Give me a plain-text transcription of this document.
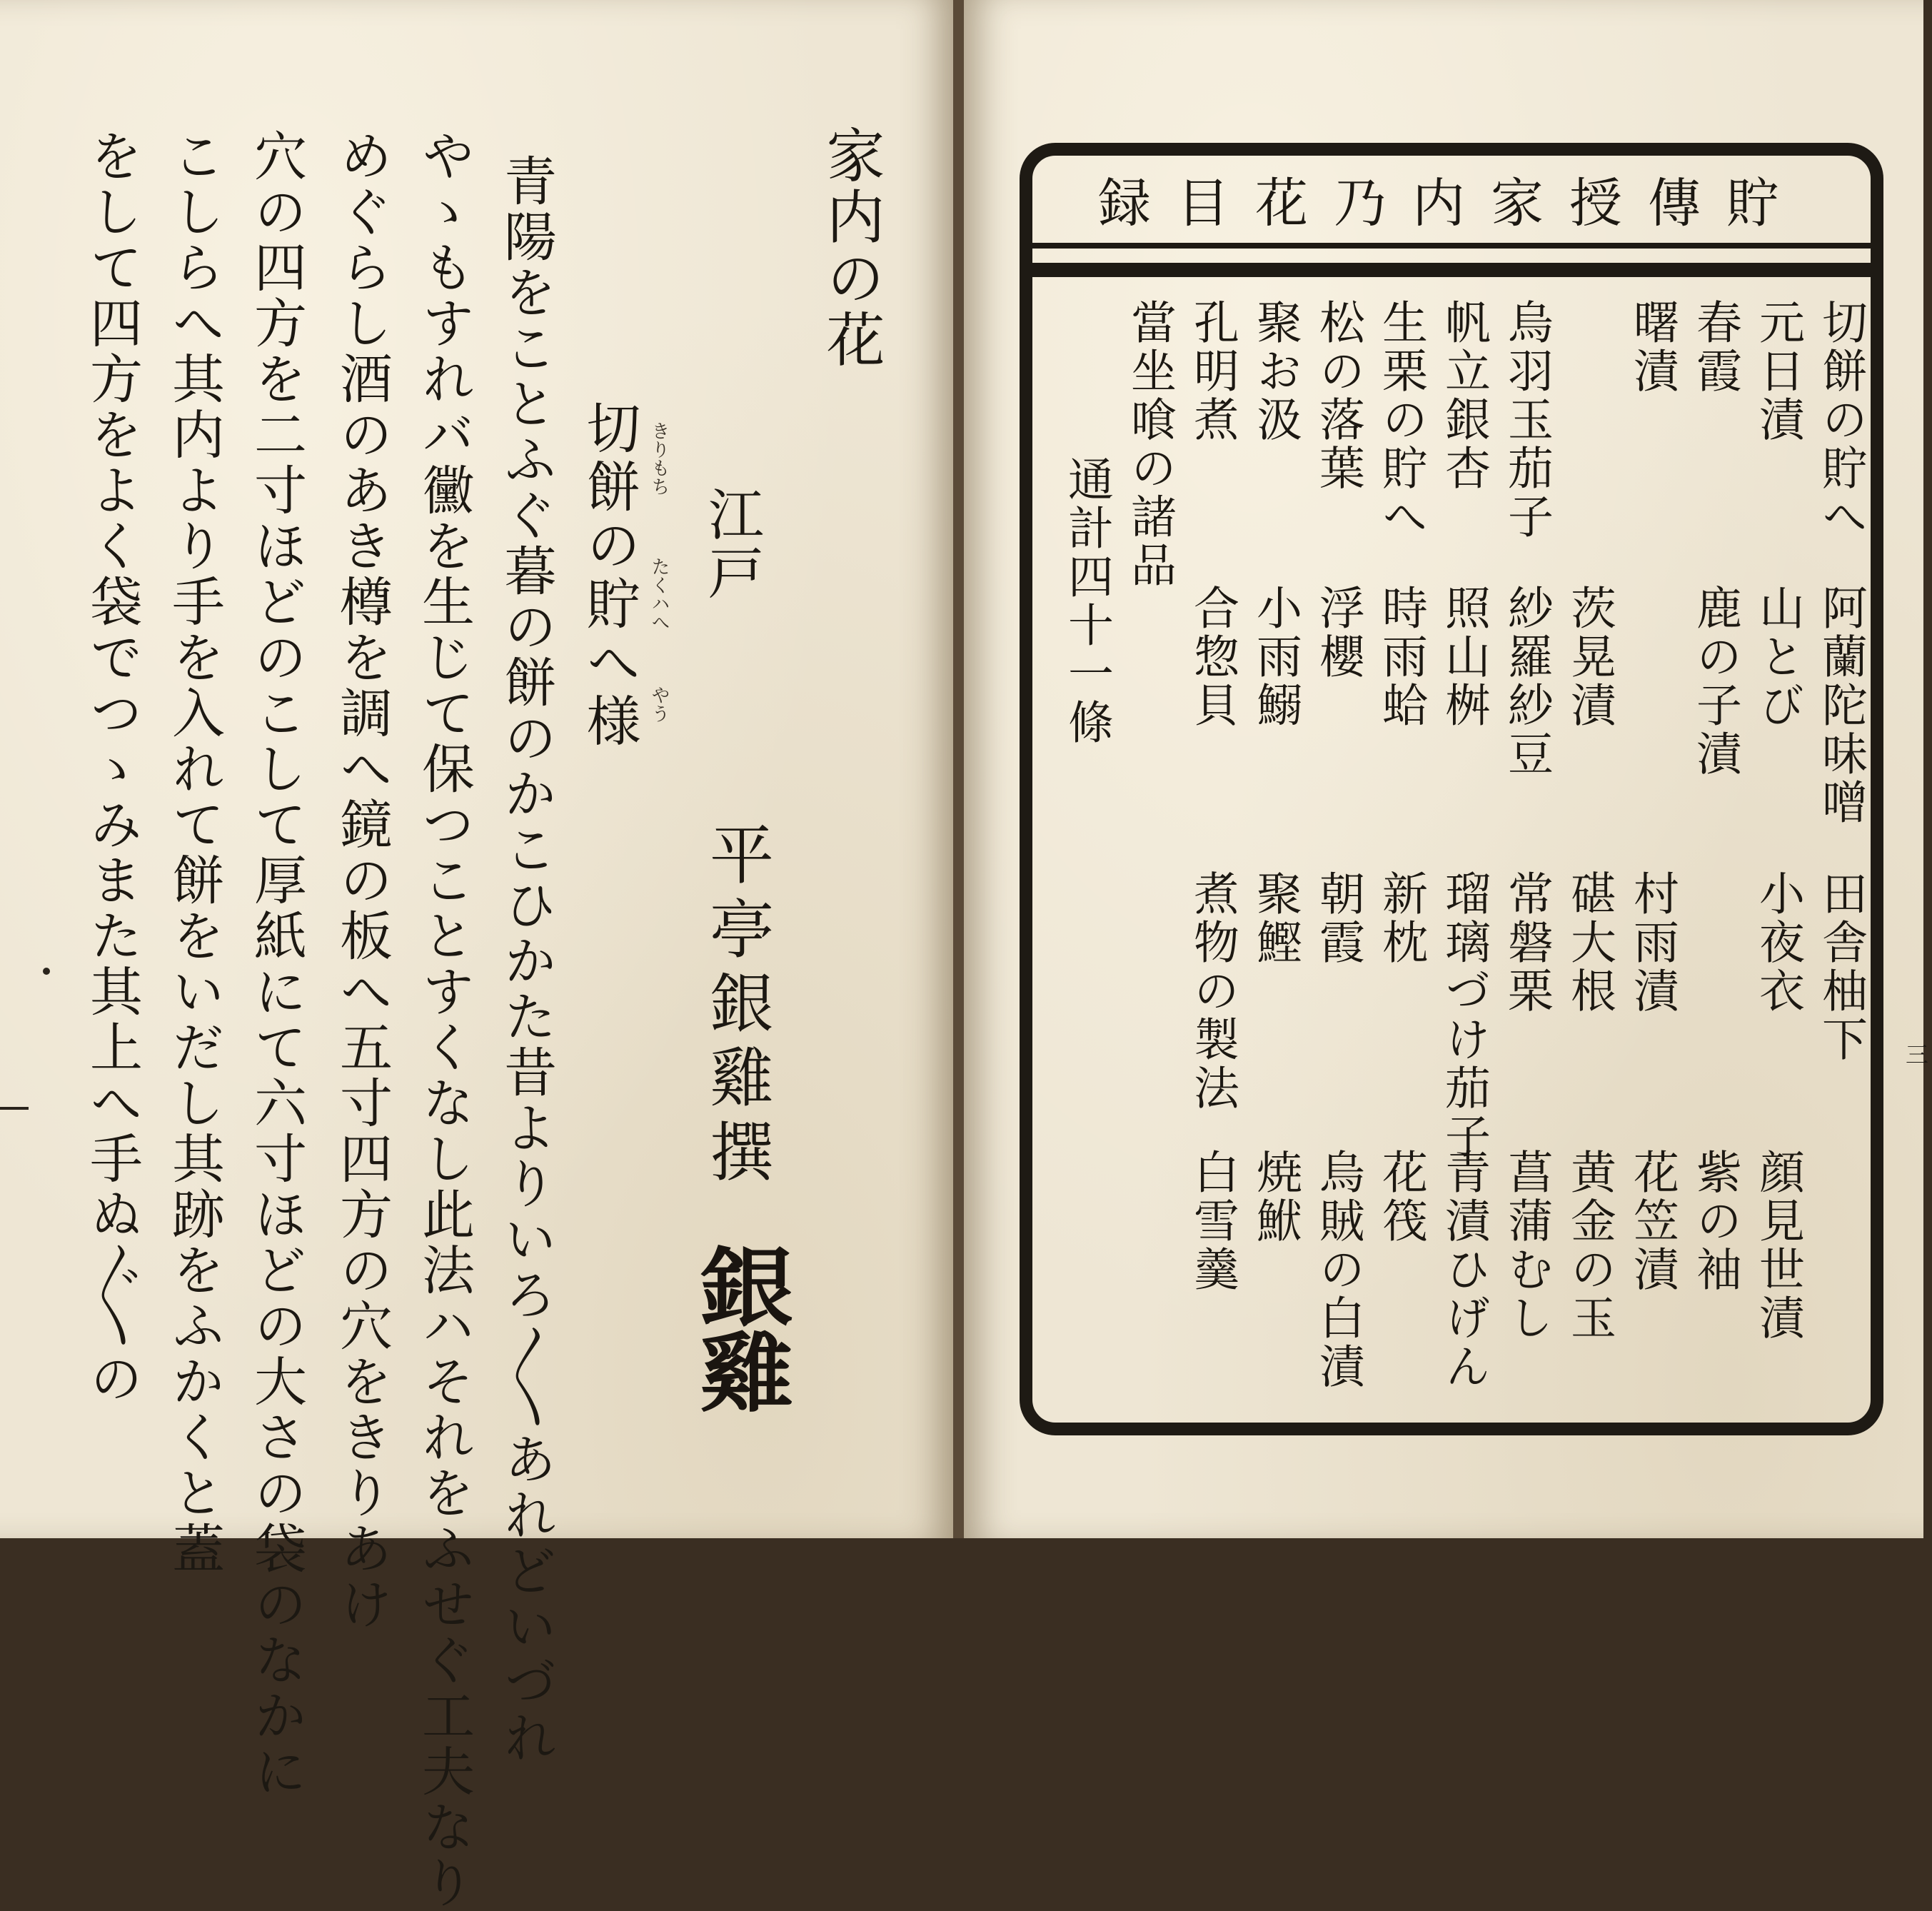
家内の花
江戸
平亭銀雞撰
銀雞
切餅の貯へ様 きりもち
たくハへ
やう
青陽をことふぐ暮の餅のかこひかた昔よりいろ〳〵あれどいづれ
やゝもすれバ黴を生じて保つことすくなし此法ハそれをふせぐ工夫なり
めぐらし酒のあき樽を調へ鏡の板へ五寸四方の穴をきりあけ
穴の四方を二寸ほどのこして厚紙にて六寸ほどの大さの袋のなかに
こしらへ其内より手を入れて餅をいだし其跡をふかくと蓋
をして四方をよく袋でつゝみまた其上へ手ぬ〴〵の	貯傳授家内乃花目録
切餅の貯へ
阿蘭陀味噌
田舎柚下
元日漬
山とび
小夜衣
顔見世漬
春霞
鹿の子漬
紫の袖
曙漬
村雨漬
花笠漬
茨晃漬
碪大根
黄金の玉
烏羽玉茄子
紗羅紗豆
常磐栗
菖蒲むし
帆立銀杏
照山桝
瑠璃づけ茄子
青漬ひげん
生栗の貯へ
時雨蛤
新枕
花筏
松の落葉
浮櫻
朝霞
烏賊の白漬
聚お汲
小雨鰯
聚鰹
焼鮲
孔明煮
合惣貝
煮物の製法
白雪羹
當坐喰の諸品
通計四十一條
三
